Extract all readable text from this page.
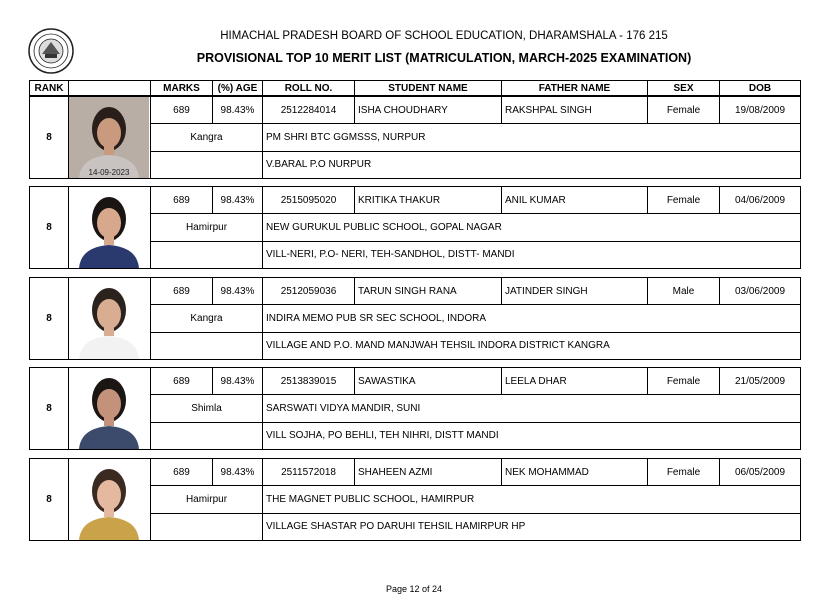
HIMACHAL PRADESH BOARD OF SCHOOL EDUCATION, DHARAMSHALA - 176 215
PROVISIONAL TOP 10 MERIT LIST (MATRICULATION, MARCH-2025 EXAMINATION)
RANK		MARKS	(%) AGE	ROLL NO.	STUDENT NAME	FATHER NAME	SEX	DOB
8	14-09-2023	689	98.43%	2512284014	ISHA CHOUDHARY	RAKSHPAL SINGH	Female	19/08/2009
		Kangra		PM SHRI BTC GGMSSS, NURPUR				
				V.BARAL P.O NURPUR				
8		689	98.43%	2515095020	KRITIKA THAKUR	ANIL KUMAR	Female	04/06/2009
		Hamirpur		NEW GURUKUL PUBLIC SCHOOL, GOPAL NAGAR				
				VILL-NERI, P.O- NERI, TEH-SANDHOL, DISTT- MANDI				
8		689	98.43%	2512059036	TARUN SINGH RANA	JATINDER SINGH	Male	03/06/2009
		Kangra		INDIRA MEMO PUB SR SEC SCHOOL, INDORA				
				VILLAGE AND P.O. MAND MANJWAH TEHSIL INDORA DISTRICT KANGRA				
8		689	98.43%	2513839015	SAWASTIKA	LEELA DHAR	Female	21/05/2009
		Shimla		SARSWATI VIDYA MANDIR, SUNI				
				VILL SOJHA, PO BEHLI, TEH NIHRI, DISTT MANDI				
8		689	98.43%	2511572018	SHAHEEN AZMI	NEK MOHAMMAD	Female	06/05/2009
		Hamirpur		THE MAGNET PUBLIC SCHOOL, HAMIRPUR				
				VILLAGE SHASTAR PO DARUHI TEHSIL HAMIRPUR HP				
Page 12 of 24
